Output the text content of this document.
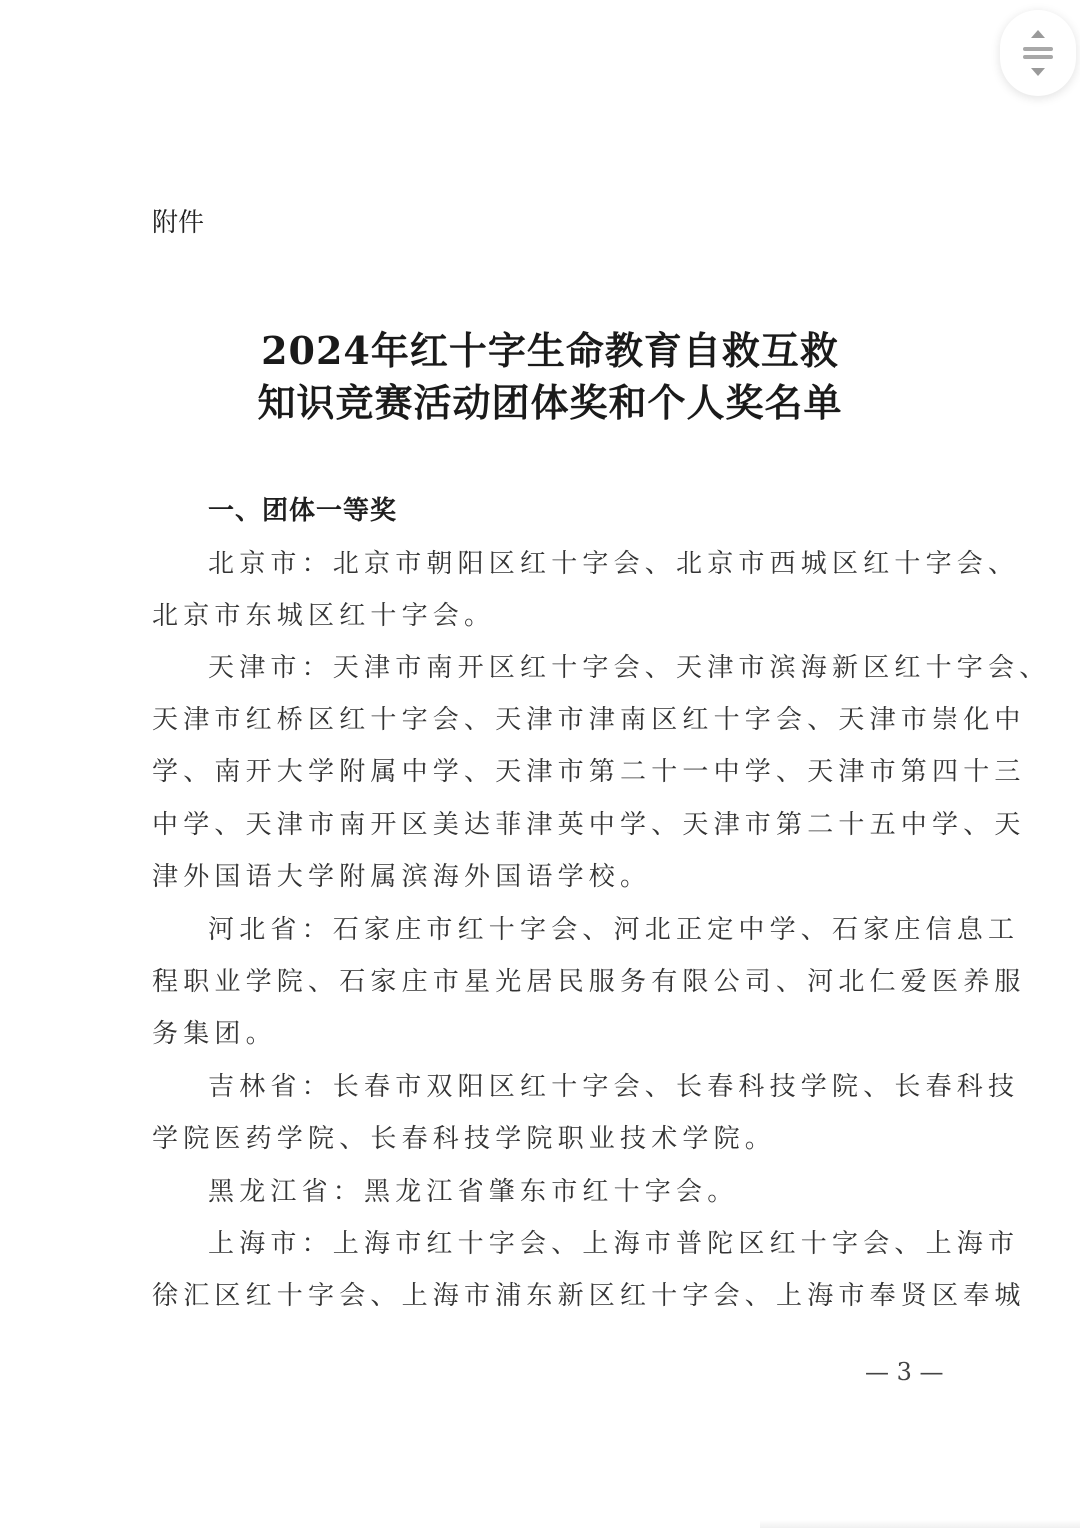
附件
2024年红十字生命教育自救互救
知识竞赛活动团体奖和个人奖名单
一、团体一等奖
北京市：北京市朝阳区红十字会、北京市西城区红十字会、
北京市东城区红十字会。
天津市：天津市南开区红十字会、天津市滨海新区红十字会、
天津市红桥区红十字会、天津市津南区红十字会、天津市崇化中
学、南开大学附属中学、天津市第二十一中学、天津市第四十三
中学、天津市南开区美达菲津英中学、天津市第二十五中学、天
津外国语大学附属滨海外国语学校。
河北省：石家庄市红十字会、河北正定中学、石家庄信息工
程职业学院、石家庄市星光居民服务有限公司、河北仁爱医养服
务集团。
吉林省：长春市双阳区红十字会、长春科技学院、长春科技
学院医药学院、长春科技学院职业技术学院。
黑龙江省：黑龙江省肇东市红十字会。
上海市：上海市红十字会、上海市普陀区红十字会、上海市
徐汇区红十字会、上海市浦东新区红十字会、上海市奉贤区奉城
— 3 —
